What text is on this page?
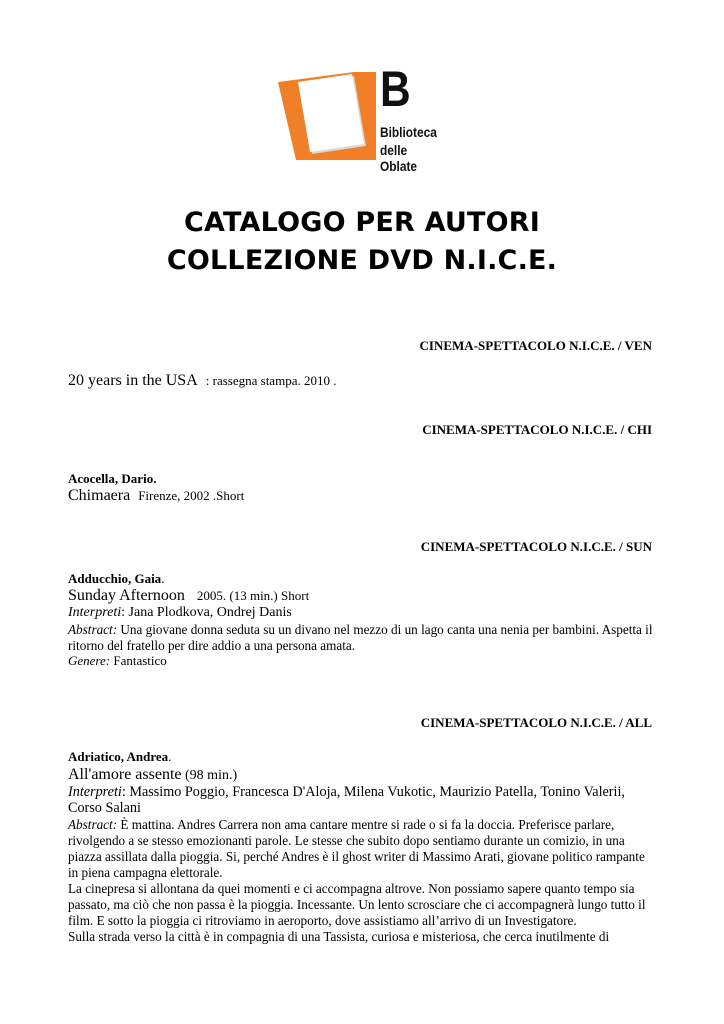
B
Biblioteca
delle Oblate
CATALOGO PER AUTORI
COLLEZIONE DVD N.I.C.E.
CINEMA-SPETTACOLO N.I.C.E. / VEN
20 years in the USA : rassegna stampa. 2010 .
CINEMA-SPETTACOLO N.I.C.E. / CHI
Acocella, Dario.
Chimaera Firenze, 2002 .Short
CINEMA-SPETTACOLO N.I.C.E. / SUN
Adducchio, Gaia.
Sunday Afternoon 2005. (13 min.) Short
Interpreti: Jana Plodkova, Ondrej Danis
Abstract: Una giovane donna seduta su un divano nel mezzo di un lago canta una nenia per bambini. Aspetta il ritorno del fratello per dire addio a una persona amata.
Genere: Fantastico
CINEMA-SPETTACOLO N.I.C.E. / ALL
Adriatico, Andrea.
All'amore assente (98 min.)
Interpreti: Massimo Poggio, Francesca D'Aloja, Milena Vukotic, Maurizio Patella, Tonino Valerii, Corso Salani
Abstract: È mattina. Andres Carrera non ama cantare mentre si rade o si fa la doccia. Preferisce parlare, rivolgendo a se stesso emozionanti parole. Le stesse che subito dopo sentiamo durante un comizio, in una piazza assillata dalla pioggia. Si, perché Andres è il ghost writer di Massimo Arati, giovane politico rampante in piena campagna elettorale.
La cinepresa si allontana da quei momenti e ci accompagna altrove. Non possiamo sapere quanto tempo sia passato, ma ciò che non passa è la pioggia. Incessante. Un lento scrosciare che ci accompagnerà lungo tutto il film. E sotto la pioggia ci ritroviamo in aeroporto, dove assistiamo all’arrivo di un Investigatore.
Sulla strada verso la città è in compagnia di una Tassista, curiosa e misteriosa, che cerca inutilmente di
